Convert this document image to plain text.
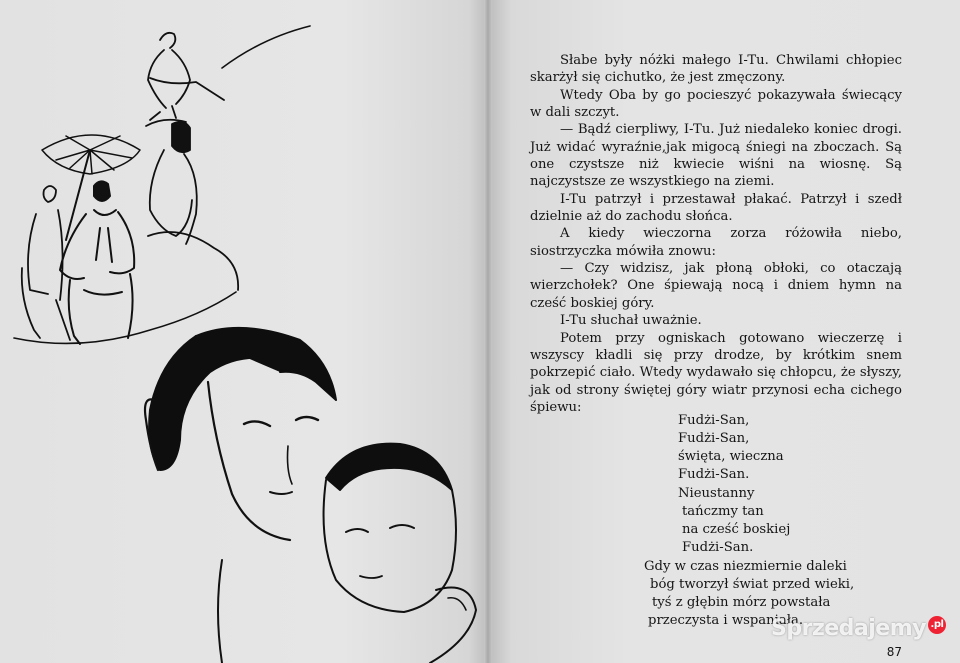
Słabe były nóżki małego I-Tu. Chwilami chłopiec skarżył się cichutko, że jest zmęczony.

Wtedy Oba by go pocieszyć pokazywała świecący w dali szczyt.

— Bądź cierpliwy, I-Tu. Już niedaleko koniec drogi. Już widać wyraźnie,jak migocą śniegi na zboczach. Są one czystsze niż kwiecie wiśni na wiosnę. Są najczystsze ze wszystkiego na ziemi.

I-Tu patrzył i przestawał płakać. Patrzył i szedł dzielnie aż do zachodu słońca.

A kiedy wieczorna zorza różowiła niebo, siostrzyczka mówiła znowu:

— Czy widzisz, jak płoną obłoki, co otaczają wierzchołek? One śpiewają nocą i dniem hymn na cześć boskiej góry.

I-Tu słuchał uważnie.

Potem przy ogniskach gotowano wieczerzę i wszyscy kładli się przy drodze, by krótkim snem pokrzepić ciało. Wtedy wydawało się chłopcu, że słyszy, jak od strony świętej góry wiatr przynosi echa cichego śpiewu:

Fudżi-San,
Fudżi-San,
święta, wieczna
Fudżi-San.
Nieustanny
tańczmy tan
na cześć boskiej
Fudżi-San.
Gdy w czas niezmiernie daleki
bóg tworzył świat przed wieki,
tyś z głębin mórz powstała
przeczysta i wspaniała.
Sprzedajemy .pl
87
